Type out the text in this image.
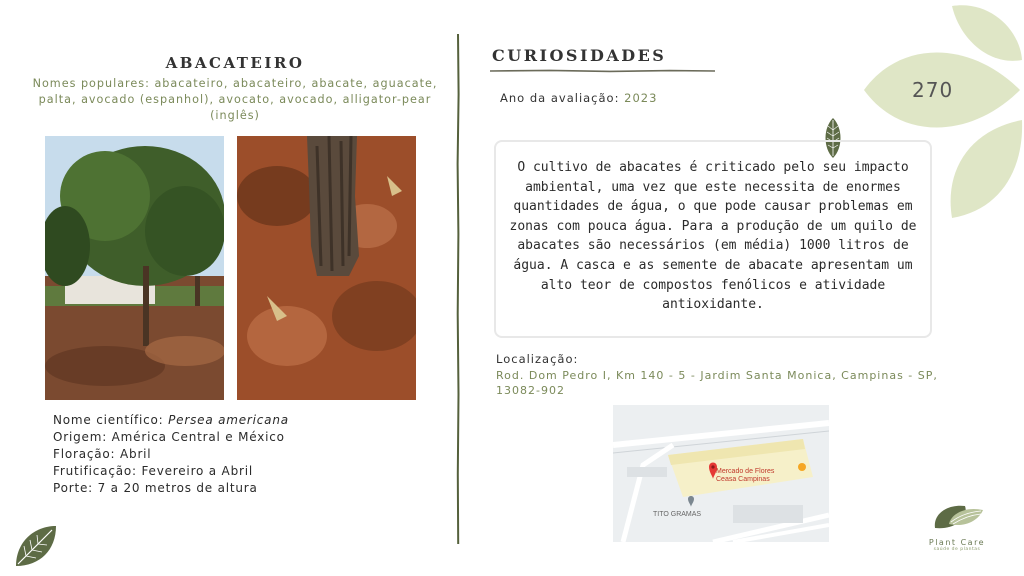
ABACATEIRO

Nomes populares: abacateiro, abacateiro, abacate, aguacate, palta, avocado (espanhol), avocato, avocado, alligator-pear (inglês)

Nome científico: Persea americana
Origem: América Central e México
Floração: Abril
Frutificação: Fevereiro a Abril
Porte: 7 a 20 metros de altura
CURIOSIDADES
Ano da avaliação: 2023	270
O cultivo de abacates é criticado pelo seu impacto ambiental, uma vez que este necessita de enormes quantidades de água, o que pode causar problemas em zonas com pouca água. Para a produção de um quilo de abacates são necessários (em média) 1000 litros de água. A casca e as semente de abacate apresentam um alto teor de compostos fenólicos e atividade antioxidante.
Localização:
Rod. Dom Pedro I, Km 140 - 5 - Jardim Santa Monica, Campinas - SP, 13082-902
Mercado de Flores Ceasa Campinas
TITO GRAMAS
Plant Care
saúde de plantas
